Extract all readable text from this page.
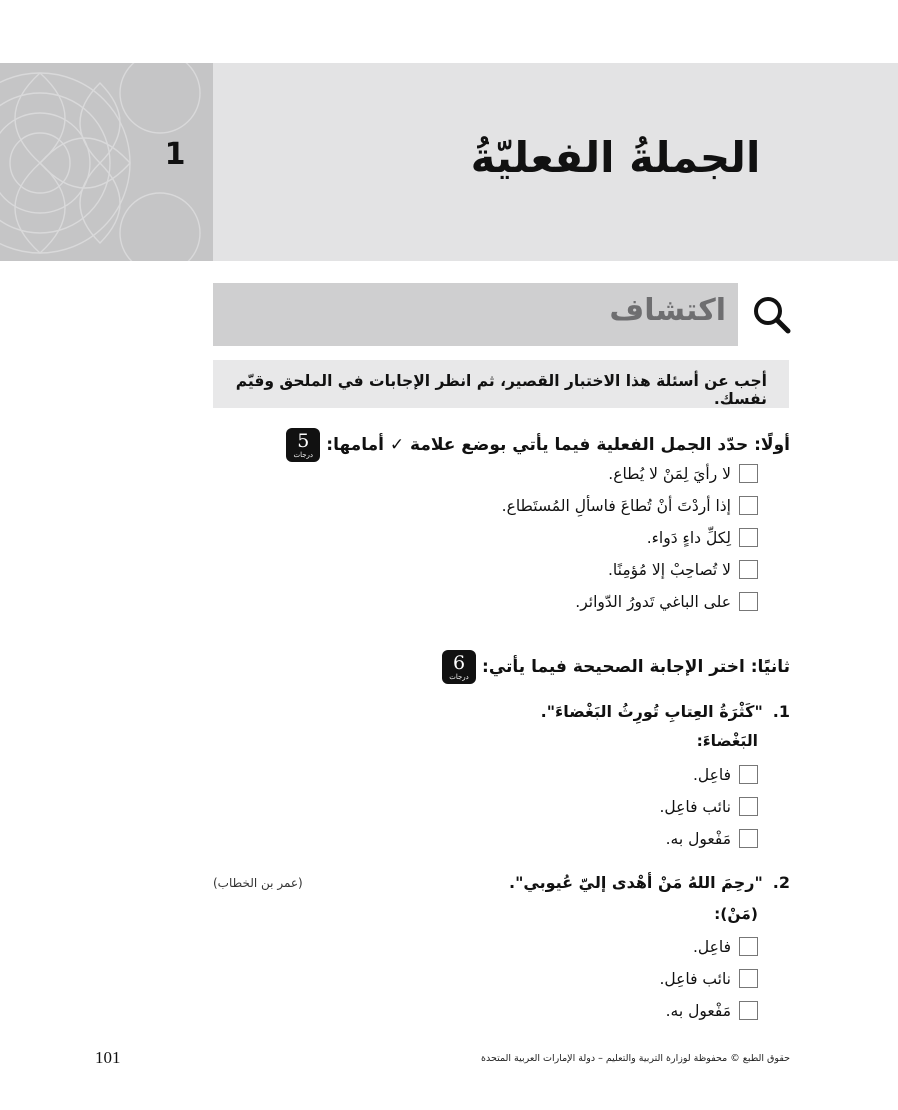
1	الجملةُ الفعليّةُ
اكتشاف
أجب عن أسئلة هذا الاختبار القصير، ثم انظر الإجابات في الملحق وقيّم نفسك.
أولًا: حدّد الجمل الفعلية فيما يأتي بوضع علامة ✓ أمامها:
5
درجات
لا رأيَ لِمَنْ لا يُطاع.
إذا أردْتَ أنْ تُطاعَ فاسألِ المُستَطاع.
لِكلِّ داءٍ دَواء.
لا تُصاحِبْ إلا مُؤمِنًا.
على الباغي تَدورُ الدّوائر.
ثانيًا: اختر الإجابة الصحيحة فيما يأتي:
6
درجات
1.
"كَثْرَةُ العِتابِ تُورِثُ البَغْضاءَ".
البَغْضاءَ:
فاعِل.
نائب فاعِل.
مَفْعول به.
2.
"رحِمَ اللهُ مَنْ أهْدى إليّ عُيوبي".
(عمر بن الخطاب)
(مَنْ):
فاعِل.
نائب فاعِل.
مَفْعول به.
101	حقوق الطبع © محفوظة لوزارة التربية والتعليم – دولة الإمارات العربية المتحدة
